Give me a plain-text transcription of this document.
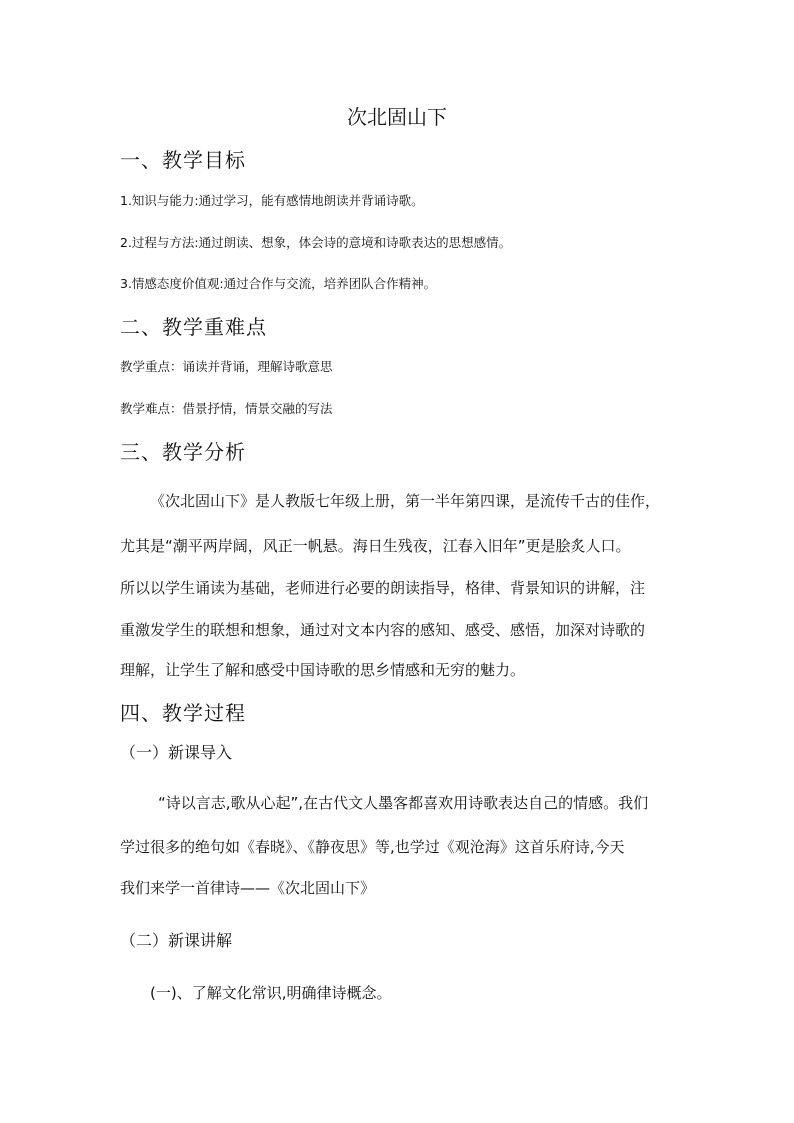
次北固山下
一、教学目标

1.知识与能力:通过学习，能有感情地朗读并背诵诗歌。

2.过程与方法:通过朗读、想象，体会诗的意境和诗歌表达的思想感情。

3.情感态度价值观:通过合作与交流，培养团队合作精神。

二、教学重难点

教学重点：诵读并背诵，理解诗歌意思

教学难点：借景抒情，情景交融的写法

三、教学分析

《次北固山下》是人教版七年级上册，第一半年第四课，是流传千古的佳作，

尤其是“潮平两岸阔，风正一帆悬。海日生残夜，江春入旧年”更是脍炙人口。

所以以学生诵读为基础，老师进行必要的朗读指导，格律、背景知识的讲解，注

重激发学生的联想和想象，通过对文本内容的感知、感受、感悟，加深对诗歌的

理解，让学生了解和感受中国诗歌的思乡情感和无穷的魅力。

四、教学过程
（一）新课导入

“诗以言志,歌从心起”,在古代文人墨客都喜欢用诗歌表达自己的情感。我们

学过很多的绝句如《春晓》、《静夜思》等,也学过《观沧海》这首乐府诗,今天

我们来学一首律诗——《次北固山下》

（二）新课讲解

(一)、了解文化常识,明确律诗概念。
